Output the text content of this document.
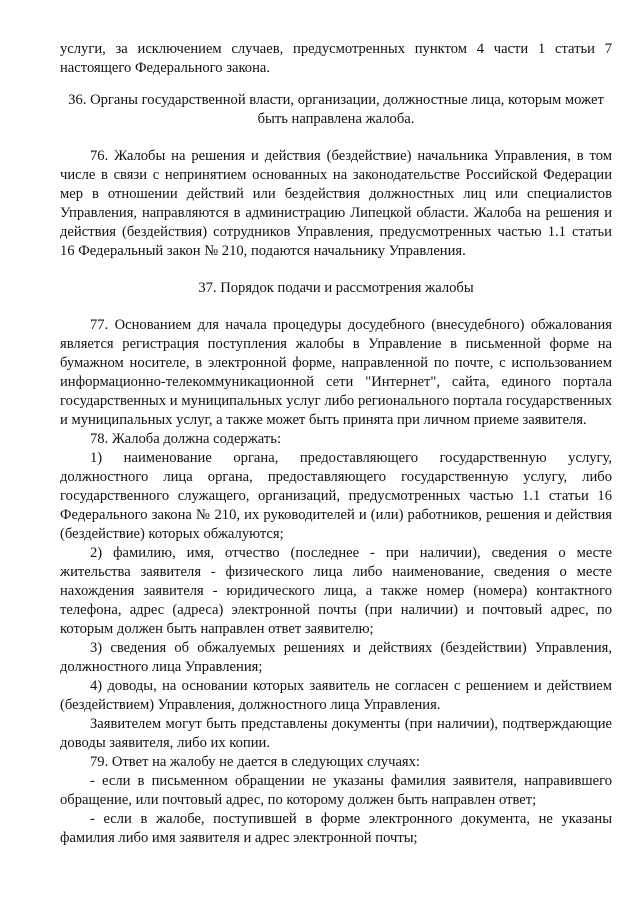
услуги, за исключением случаев, предусмотренных пунктом 4 части 1 статьи 7 настоящего Федерального закона.

36. Органы государственной власти, организации, должностные лица, которым может быть направлена жалоба.

76. Жалобы на решения и действия (бездействие) начальника Управления, в том числе в связи с непринятием основанных на законодательстве Российской Федерации мер в отношении действий или бездействия должностных лиц или специалистов Управления, направляются в администрацию Липецкой области. Жалоба на решения и действия (бездействия) сотрудников Управления, предусмотренных частью 1.1 статьи 16 Федеральный закон № 210, подаются начальнику Управления.

37. Порядок подачи и рассмотрения жалобы

77. Основанием для начала процедуры досудебного (внесудебного) обжалования является регистрация поступления жалобы в Управление в письменной форме на бумажном носителе, в электронной форме, направленной по почте, с использованием информационно-телекоммуникационной сети "Интернет", сайта, единого портала государственных и муниципальных услуг либо регионального портала государственных и муниципальных услуг, а также может быть принята при личном приеме заявителя.

78. Жалоба должна содержать:

1) наименование органа, предоставляющего государственную услугу, должностного лица органа, предоставляющего государственную услугу, либо государственного служащего, организаций, предусмотренных частью 1.1 статьи 16 Федерального закона № 210, их руководителей и (или) работников, решения и действия (бездействие) которых обжалуются;

2) фамилию, имя, отчество (последнее - при наличии), сведения о месте жительства заявителя - физического лица либо наименование, сведения о месте нахождения заявителя - юридического лица, а также номер (номера) контактного телефона, адрес (адреса) электронной почты (при наличии) и почтовый адрес, по которым должен быть направлен ответ заявителю;

3) сведения об обжалуемых решениях и действиях (бездействии) Управления, должностного лица Управления;

4) доводы, на основании которых заявитель не согласен с решением и действием (бездействием) Управления, должностного лица Управления.

Заявителем могут быть представлены документы (при наличии), подтверждающие доводы заявителя, либо их копии.

79. Ответ на жалобу не дается в следующих случаях:

- если в письменном обращении не указаны фамилия заявителя, направившего обращение, или почтовый адрес, по которому должен быть направлен ответ;

- если в жалобе, поступившей в форме электронного документа, не указаны фамилия либо имя заявителя и адрес электронной почты;
